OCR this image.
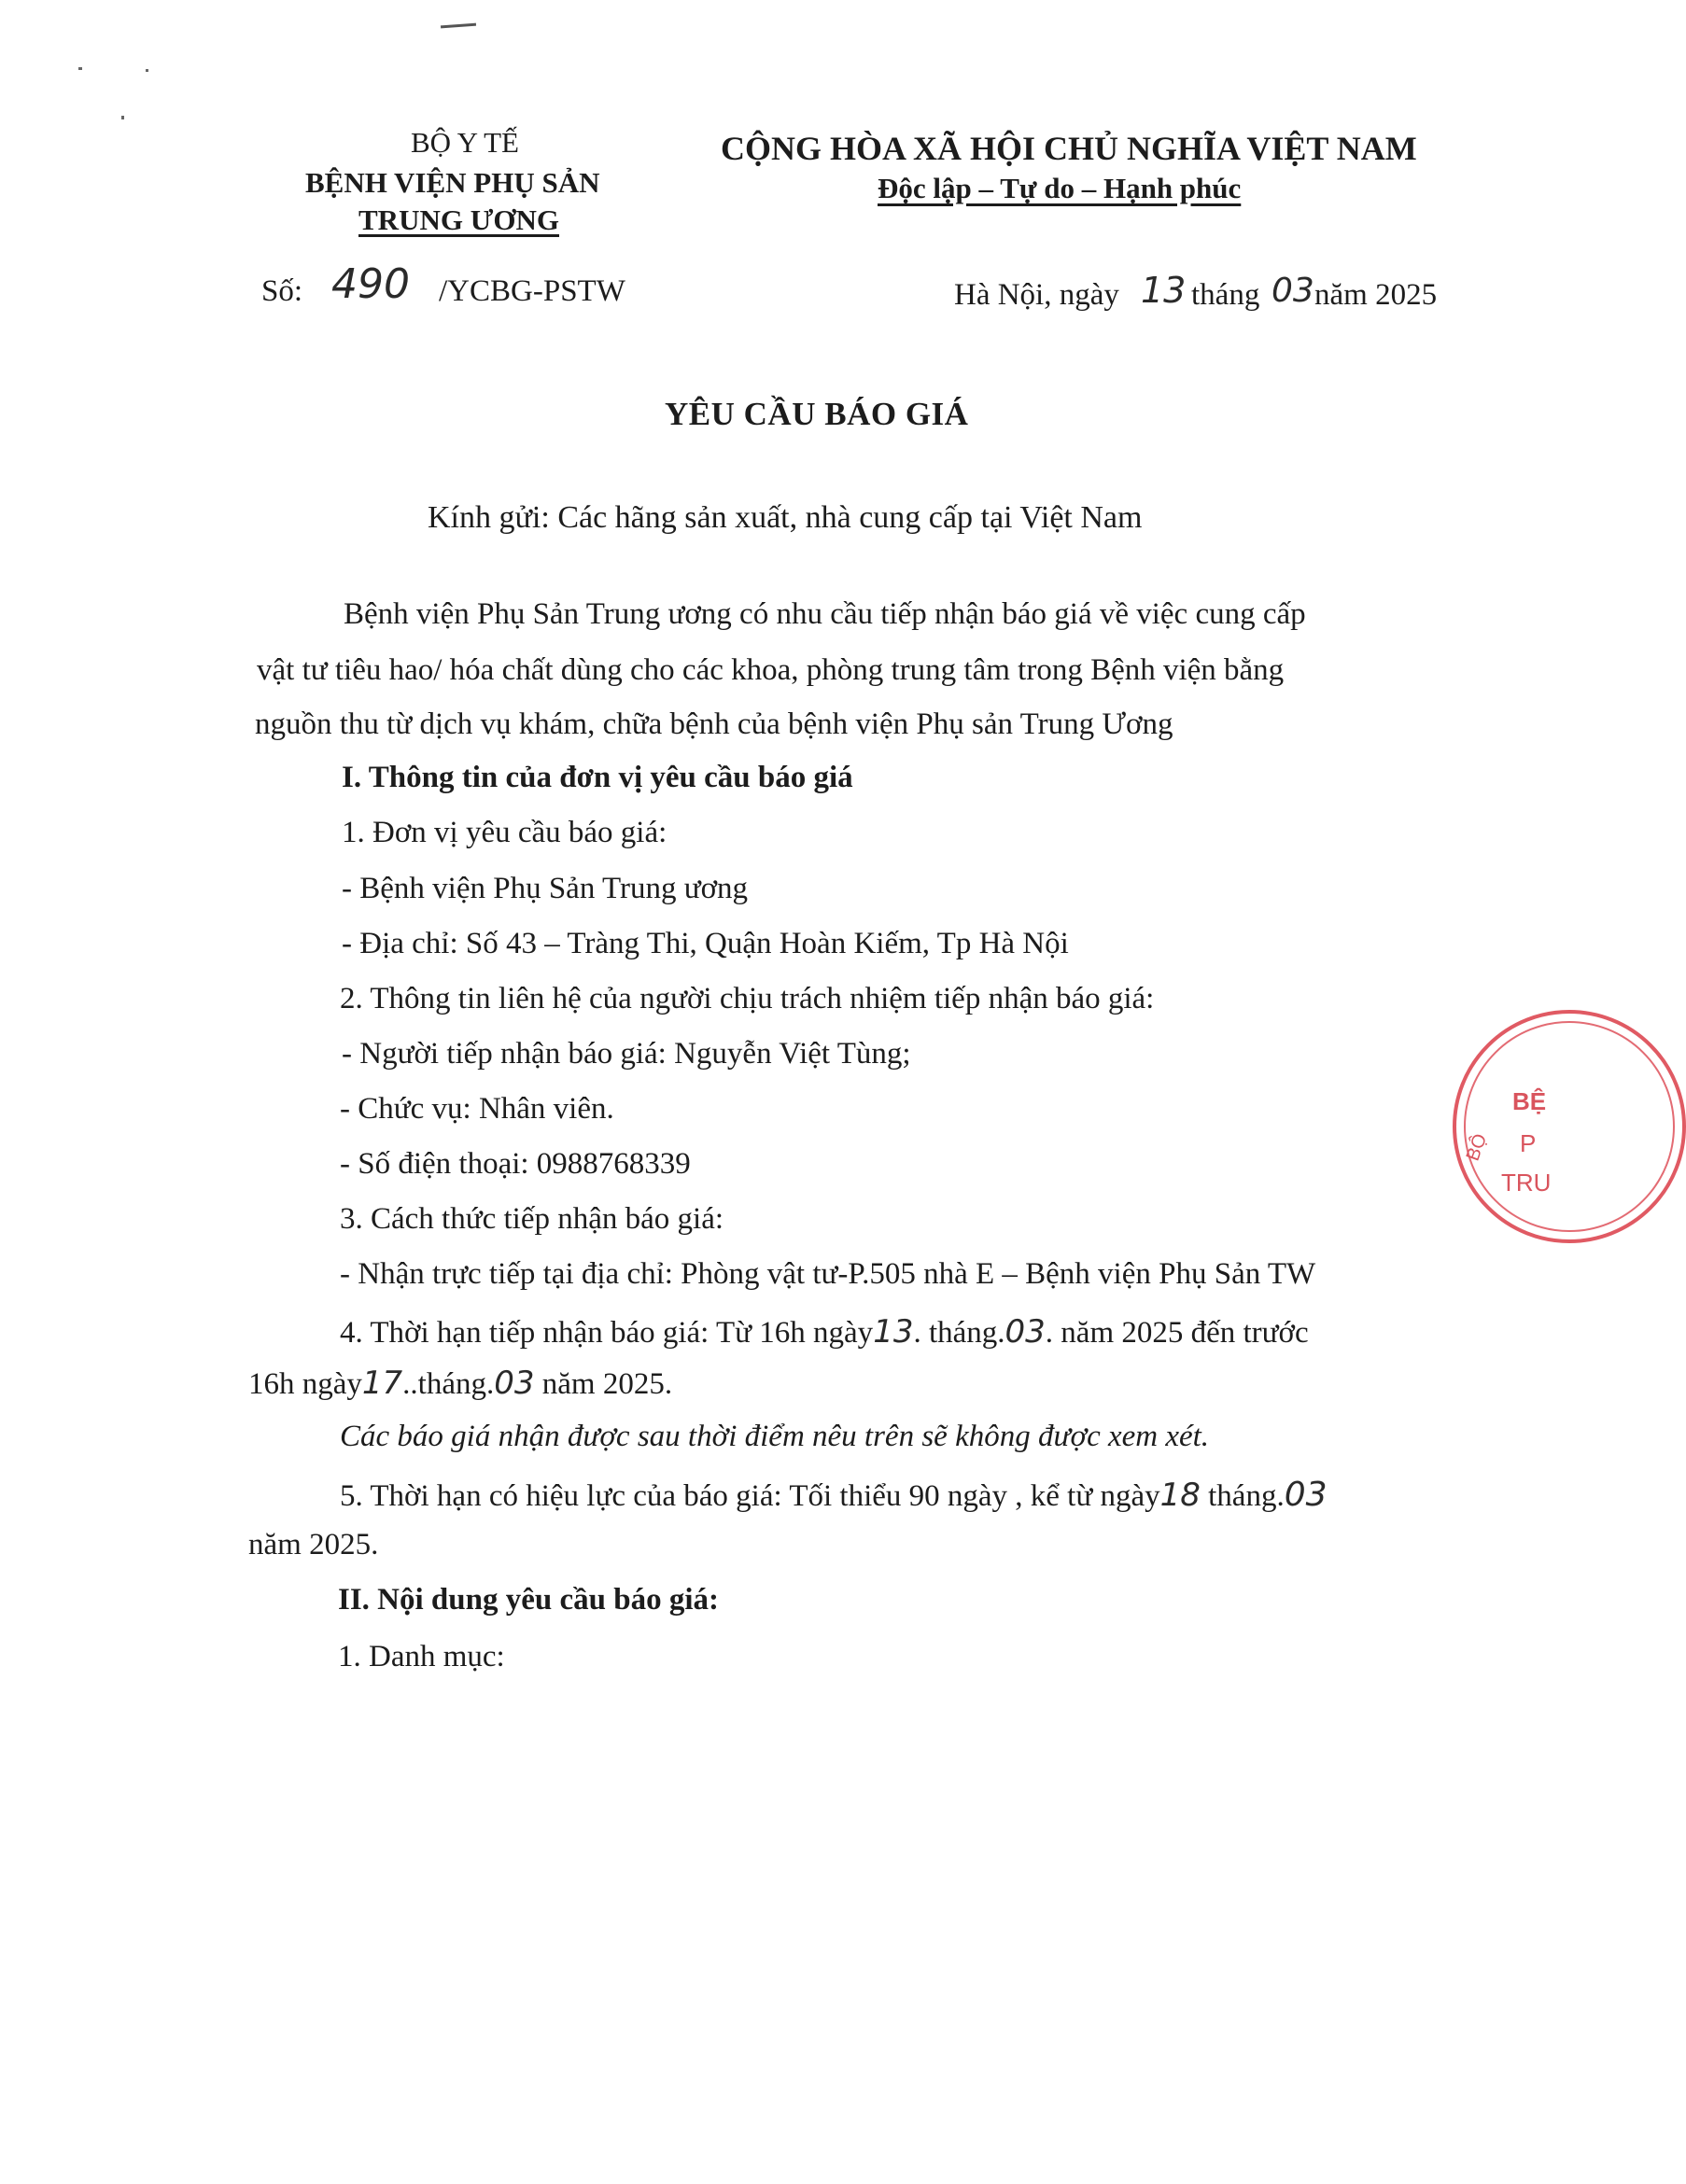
BỘ Y TẾ
BỆNH VIỆN PHỤ SẢN
TRUNG ƯƠNG
Số: 490 /YCBG-PSTW
CỘNG HÒA XÃ HỘI CHỦ NGHĨA VIỆT NAM
Độc lập – Tự do – Hạnh phúc
Hà Nội, ngày 13 tháng 03 năm 2025
YÊU CẦU BÁO GIÁ
Kính gửi: Các hãng sản xuất, nhà cung cấp tại Việt Nam
Bệnh viện Phụ Sản Trung ương có nhu cầu tiếp nhận báo giá về việc cung cấp
vật tư tiêu hao/ hóa chất dùng cho các khoa, phòng trung tâm trong Bệnh viện bằng
nguồn thu từ dịch vụ khám, chữa bệnh của bệnh viện Phụ sản Trung Ương
I. Thông tin của đơn vị yêu cầu báo giá
1. Đơn vị yêu cầu báo giá:
- Bệnh viện Phụ Sản Trung ương
- Địa chỉ: Số 43 – Tràng Thi, Quận Hoàn Kiếm, Tp Hà Nội
2. Thông tin liên hệ của người chịu trách nhiệm tiếp nhận báo giá:
- Người tiếp nhận báo giá: Nguyễn Việt Tùng;
- Chức vụ: Nhân viên.
- Số điện thoại: 0988768339
3. Cách thức tiếp nhận báo giá:
- Nhận trực tiếp tại địa chỉ: Phòng vật tư-P.505 nhà E – Bệnh viện Phụ Sản TW
4. Thời hạn tiếp nhận báo giá: Từ 16h ngày13. tháng.03. năm 2025 đến trước
16h ngày17..tháng.03 năm 2025.
Các báo giá nhận được sau thời điểm nêu trên sẽ không được xem xét.
5. Thời hạn có hiệu lực của báo giá: Tối thiểu 90 ngày , kể từ ngày18 tháng.03
năm 2025.
II. Nội dung yêu cầu báo giá:
1. Danh mục:
BỆ
P
TRU
BỘ
